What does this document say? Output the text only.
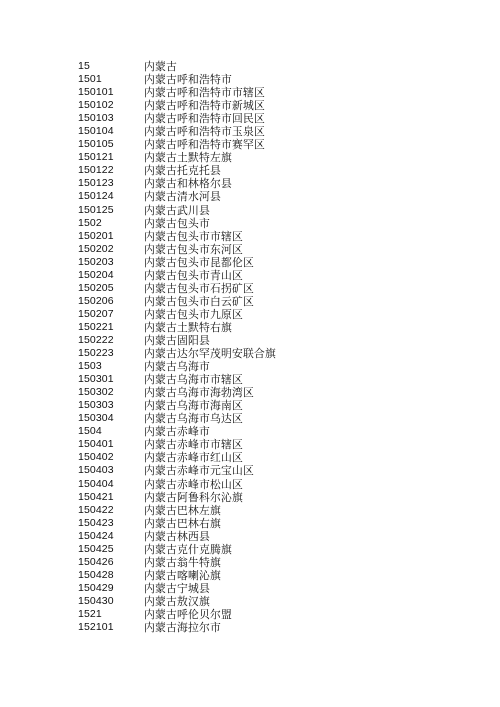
15	内蒙古
1501	内蒙古呼和浩特市
150101	内蒙古呼和浩特市市辖区
150102	内蒙古呼和浩特市新城区
150103	内蒙古呼和浩特市回民区
150104	内蒙古呼和浩特市玉泉区
150105	内蒙古呼和浩特市赛罕区
150121	内蒙古土默特左旗
150122	内蒙古托克托县
150123	内蒙古和林格尔县
150124	内蒙古清水河县
150125	内蒙古武川县
1502	内蒙古包头市
150201	内蒙古包头市市辖区
150202	内蒙古包头市东河区
150203	内蒙古包头市昆都伦区
150204	内蒙古包头市青山区
150205	内蒙古包头市石拐矿区
150206	内蒙古包头市白云矿区
150207	内蒙古包头市九原区
150221	内蒙古土默特右旗
150222	内蒙古固阳县
150223	内蒙古达尔罕茂明安联合旗
1503	内蒙古乌海市
150301	内蒙古乌海市市辖区
150302	内蒙古乌海市海勃湾区
150303	内蒙古乌海市海南区
150304	内蒙古乌海市乌达区
1504	内蒙古赤峰市
150401	内蒙古赤峰市市辖区
150402	内蒙古赤峰市红山区
150403	内蒙古赤峰市元宝山区
150404	内蒙古赤峰市松山区
150421	内蒙古阿鲁科尔沁旗
150422	内蒙古巴林左旗
150423	内蒙古巴林右旗
150424	内蒙古林西县
150425	内蒙古克什克腾旗
150426	内蒙古翁牛特旗
150428	内蒙古喀喇沁旗
150429	内蒙古宁城县
150430	内蒙古敖汉旗
1521	内蒙古呼伦贝尔盟
152101	内蒙古海拉尔市
